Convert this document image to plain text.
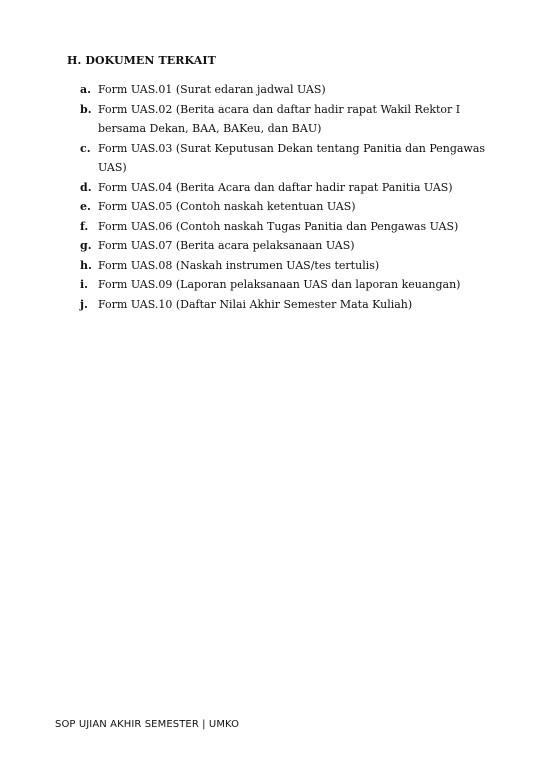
H. DOKUMEN TERKAIT
a. Form UAS.01 (Surat edaran jadwal UAS)
b. Form UAS.02 (Berita acara dan daftar hadir rapat Wakil Rektor I bersama Dekan, BAA, BAKeu, dan BAU)
c. Form UAS.03 (Surat Keputusan Dekan tentang Panitia dan Pengawas UAS)
d. Form UAS.04 (Berita Acara dan daftar hadir rapat Panitia UAS)
e. Form UAS.05 (Contoh naskah ketentuan UAS)
f. Form UAS.06 (Contoh naskah Tugas Panitia dan Pengawas UAS)
g. Form UAS.07 (Berita acara pelaksanaan UAS)
h. Form UAS.08 (Naskah instrumen UAS/tes tertulis)
i. Form UAS.09 (Laporan pelaksanaan UAS dan laporan keuangan)
j. Form UAS.10 (Daftar Nilai Akhir Semester Mata Kuliah)
SOP UJIAN AKHIR SEMESTER | UMKO
